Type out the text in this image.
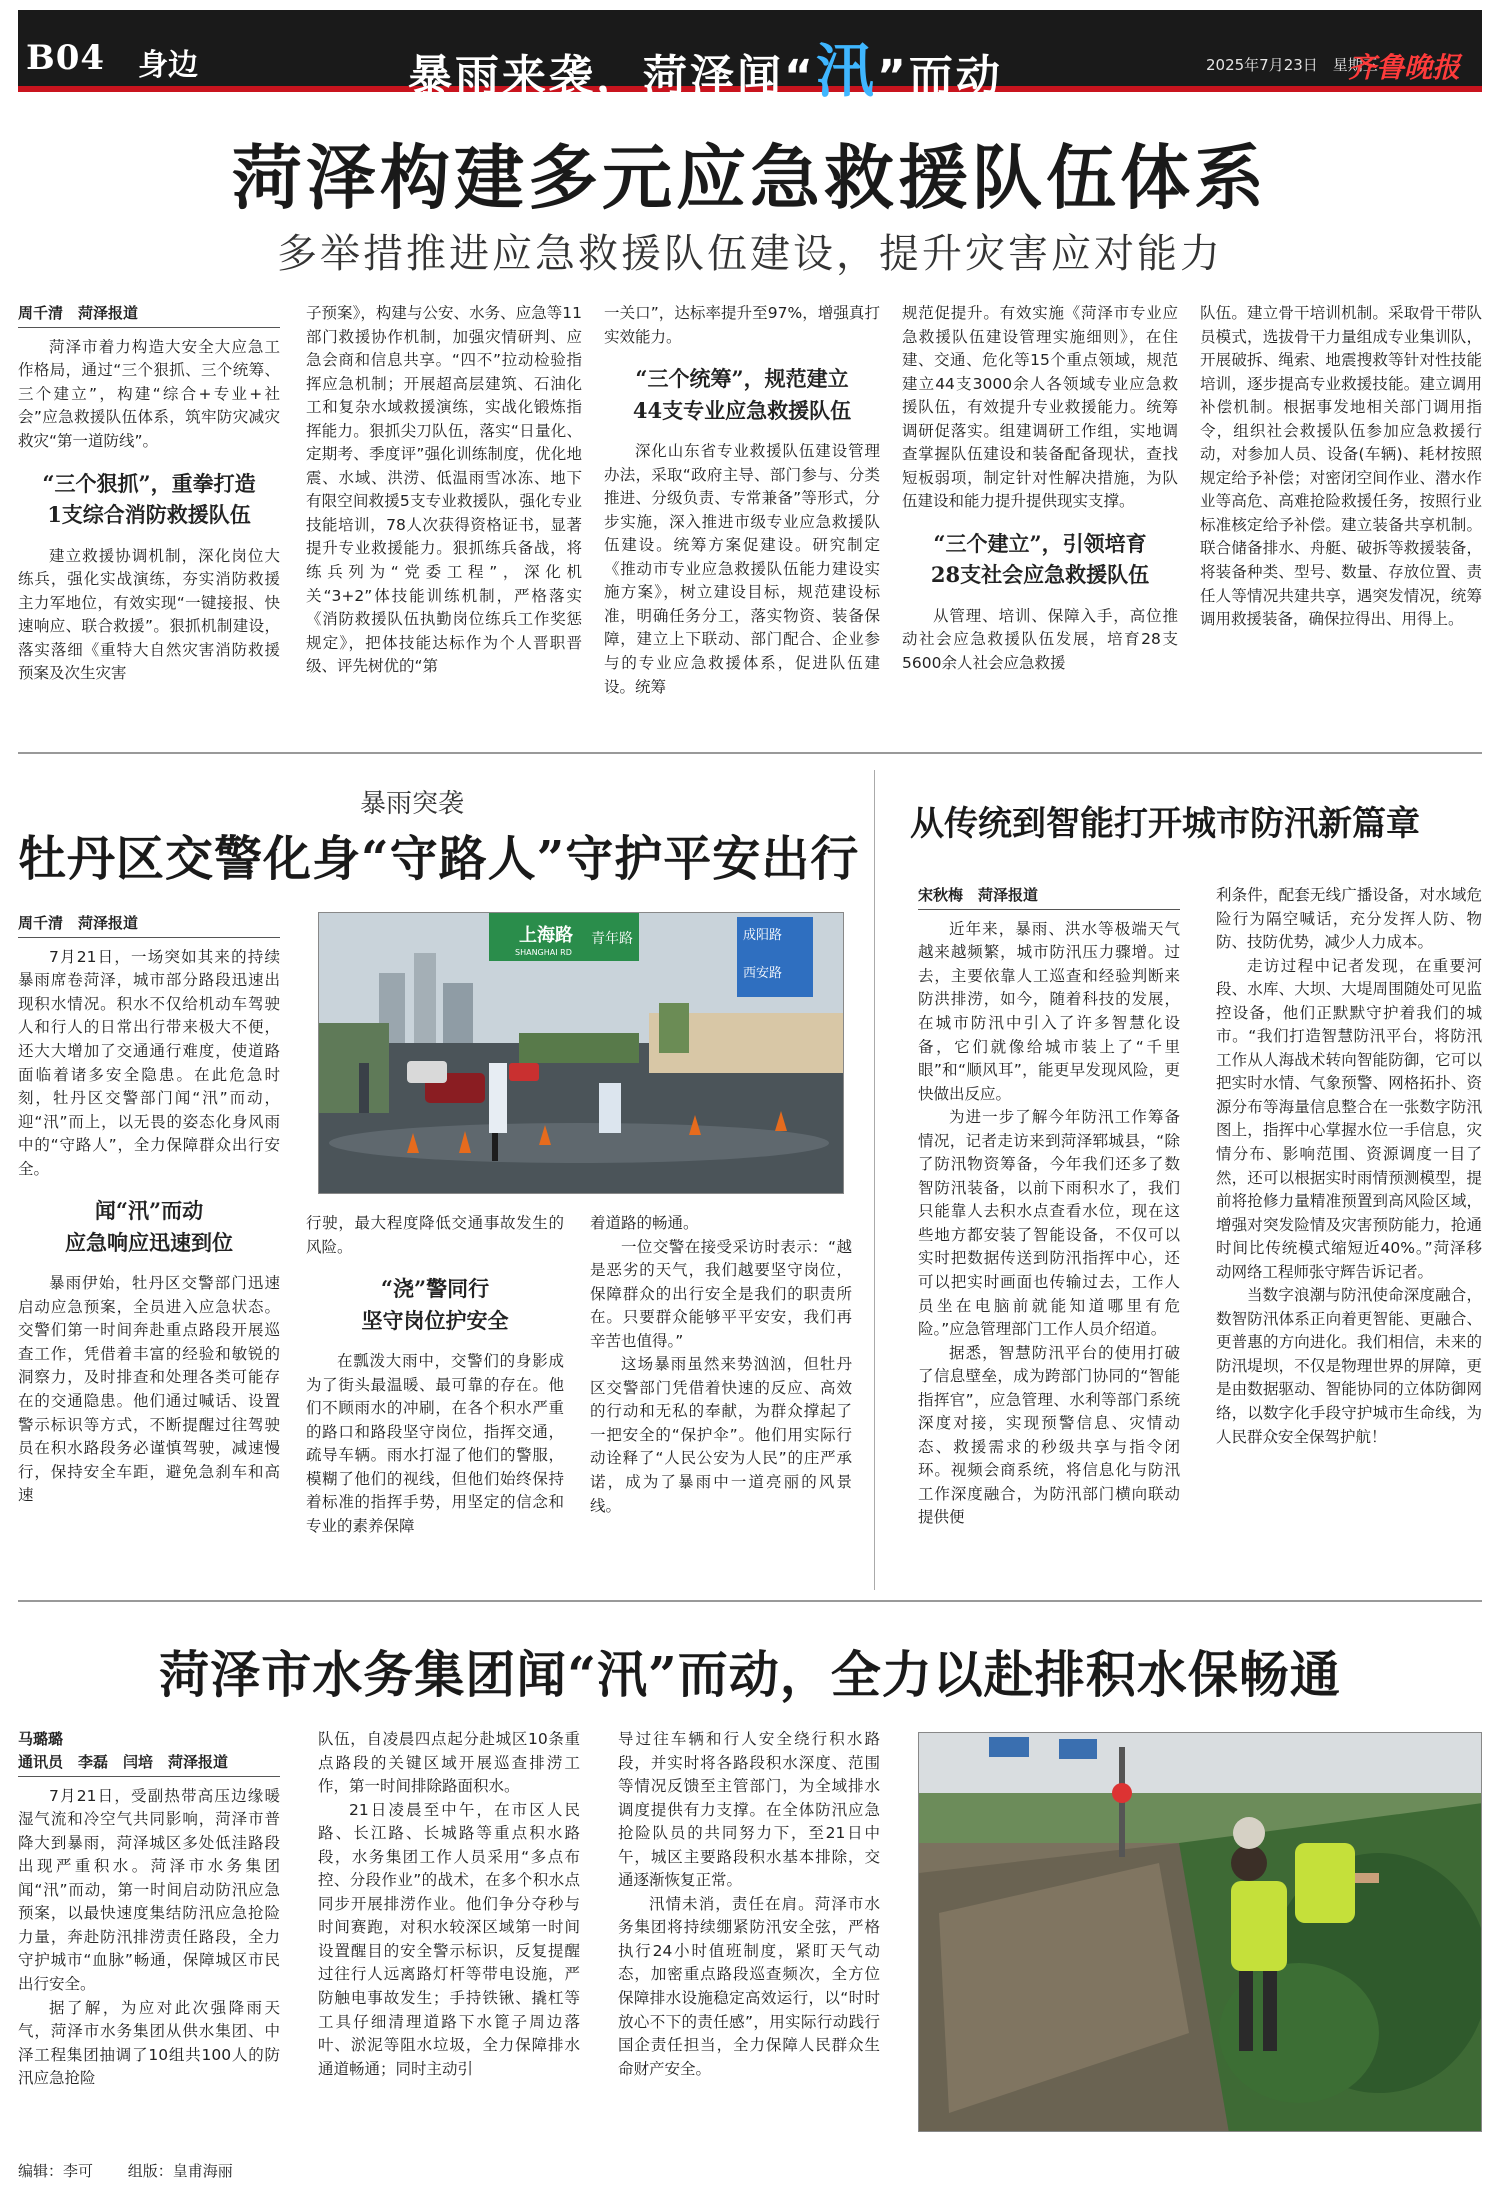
B04 身边	暴雨来袭，菏泽闻“汛”而动	2025年7月23日　星期三
齐鲁晚报
菏泽构建多元应急救援队伍体系
多举措推进应急救援队伍建设，提升灾害应对能力
周千清　菏泽报道

菏泽市着力构造大安全大应急工作格局，通过“三个狠抓、三个统筹、三个建立”，构建“综合+专业+社会”应急救援队伍体系，筑牢防灾减灾救灾“第一道防线”。

“三个狠抓”，重拳打造
1支综合消防救援队伍

建立救援协调机制，深化岗位大练兵，强化实战演练，夯实消防救援主力军地位，有效实现“一键接报、快速响应、联合救援”。狠抓机制建设，落实落细《重特大自然灾害消防救援预案及次生灾害

子预案》，构建与公安、水务、应急等11部门救援协作机制，加强灾情研判、应急会商和信息共享。“四不”拉动检验指挥应急机制；开展超高层建筑、石油化工和复杂水域救援演练，实战化锻炼指挥能力。狠抓尖刀队伍，落实“日量化、定期考、季度评”强化训练制度，优化地震、水域、洪涝、低温雨雪冰冻、地下有限空间救援5支专业救援队，强化专业技能培训，78人次获得资格证书，显著提升专业救援能力。狠抓练兵备战，将练兵列为“党委工程”，深化机关“3+2”体技能训练机制，严格落实《消防救援队伍执勤岗位练兵工作奖惩规定》，把体技能达标作为个人晋职晋级、评先树优的“第

一关口”，达标率提升至97%，增强真打实效能力。

“三个统筹”，规范建立
44支专业应急救援队伍

深化山东省专业救援队伍建设管理办法，采取“政府主导、部门参与、分类推进、分级负责、专常兼备”等形式，分步实施，深入推进市级专业应急救援队伍建设。统筹方案促建设。研究制定《推动市专业应急救援队伍能力建设实施方案》，树立建设目标，规范建设标准，明确任务分工，落实物资、装备保障，建立上下联动、部门配合、企业参与的专业应急救援体系，促进队伍建设。统筹

规范促提升。有效实施《菏泽市专业应急救援队伍建设管理实施细则》，在住建、交通、危化等15个重点领域，规范建立44支3000余人各领域专业应急救援队伍，有效提升专业救援能力。统筹调研促落实。组建调研工作组，实地调查掌握队伍建设和装备配备现状，查找短板弱项，制定针对性解决措施，为队伍建设和能力提升提供现实支撑。

“三个建立”，引领培育
28支社会应急救援队伍

从管理、培训、保障入手，高位推动社会应急救援队伍发展，培育28支5600余人社会应急救援

队伍。建立骨干培训机制。采取骨干带队员模式，选拔骨干力量组成专业集训队，开展破拆、绳索、地震搜救等针对性技能培训，逐步提高专业救援技能。建立调用补偿机制。根据事发地相关部门调用指令，组织社会救援队伍参加应急救援行动，对参加人员、设备(车辆)、耗材按照规定给予补偿；对密闭空间作业、潜水作业等高危、高难抢险救援任务，按照行业标准核定给予补偿。建立装备共享机制。联合储备排水、舟艇、破拆等救援装备，将装备种类、型号、数量、存放位置、责任人等情况共建共享，遇突发情况，统筹调用救援装备，确保拉得出、用得上。

暴雨突袭
牡丹区交警化身“守路人”守护平安出行
周千清　菏泽报道

7月21日，一场突如其来的持续暴雨席卷菏泽，城市部分路段迅速出现积水情况。积水不仅给机动车驾驶人和行人的日常出行带来极大不便，还大大增加了交通通行难度，使道路面临着诸多安全隐患。在此危急时刻，牡丹区交警部门闻“汛”而动，迎“汛”而上，以无畏的姿态化身风雨中的“守路人”，全力保障群众出行安全。

闻“汛”而动
应急响应迅速到位

暴雨伊始，牡丹区交警部门迅速启动应急预案，全员进入应急状态。交警们第一时间奔赴重点路段开展巡查工作，凭借着丰富的经验和敏锐的洞察力，及时排查和处理各类可能存在的交通隐患。他们通过喊话、设置警示标识等方式，不断提醒过往驾驶员在积水路段务必谨慎驾驶，减速慢行，保持安全车距，避免急刹车和高速

上海路
SHANGHAI RD
青年路	成阳路
西安路

行驶，最大程度降低交通事故发生的风险。

“浇”警同行
坚守岗位护安全

在瓢泼大雨中，交警们的身影成为了街头最温暖、最可靠的存在。他们不顾雨水的冲刷，在各个积水严重的路口和路段坚守岗位，指挥交通，疏导车辆。雨水打湿了他们的警服，模糊了他们的视线，但他们始终保持着标准的指挥手势，用坚定的信念和专业的素养保障

着道路的畅通。

一位交警在接受采访时表示：“越是恶劣的天气，我们越要坚守岗位，保障群众的出行安全是我们的职责所在。只要群众能够平平安安，我们再辛苦也值得。”

这场暴雨虽然来势汹汹，但牡丹区交警部门凭借着快速的反应、高效的行动和无私的奉献，为群众撑起了一把安全的“保护伞”。他们用实际行动诠释了“人民公安为人民”的庄严承诺，成为了暴雨中一道亮丽的风景线。

从传统到智能打开城市防汛新篇章
宋秋梅　菏泽报道

近年来，暴雨、洪水等极端天气越来越频繁，城市防汛压力骤增。过去，主要依靠人工巡查和经验判断来防洪排涝，如今，随着科技的发展，在城市防汛中引入了许多智慧化设备，它们就像给城市装上了“千里眼”和“顺风耳”，能更早发现风险，更快做出反应。

为进一步了解今年防汛工作筹备情况，记者走访来到菏泽郓城县，“除了防汛物资筹备，今年我们还多了数智防汛装备，以前下雨积水了，我们只能靠人去积水点查看水位，现在这些地方都安装了智能设备，不仅可以实时把数据传送到防汛指挥中心，还可以把实时画面也传输过去，工作人员坐在电脑前就能知道哪里有危险。”应急管理部门工作人员介绍道。

据悉，智慧防汛平台的使用打破了信息壁垒，成为跨部门协同的“智能指挥官”，应急管理、水利等部门系统深度对接，实现预警信息、灾情动态、救援需求的秒级共享与指令闭环。视频会商系统，将信息化与防汛工作深度融合，为防汛部门横向联动提供便

利条件，配套无线广播设备，对水域危险行为隔空喊话，充分发挥人防、物防、技防优势，减少人力成本。

走访过程中记者发现，在重要河段、水库、大坝、大堤周围随处可见监控设备，他们正默默守护着我们的城市。“我们打造智慧防汛平台，将防汛工作从人海战术转向智能防御，它可以把实时水情、气象预警、网格拓扑、资源分布等海量信息整合在一张数字防汛图上，指挥中心掌握水位一手信息，灾情分布、影响范围、资源调度一目了然，还可以根据实时雨情预测模型，提前将抢修力量精准预置到高风险区域，增强对突发险情及灾害预防能力，抢通时间比传统模式缩短近40%。”菏泽移动网络工程师张守辉告诉记者。

当数字浪潮与防汛使命深度融合，数智防汛体系正向着更智能、更融合、更普惠的方向进化。我们相信，未来的防汛堤坝，不仅是物理世界的屏障，更是由数据驱动、智能协同的立体防御网络，以数字化手段守护城市生命线，为人民群众安全保驾护航！

菏泽市水务集团闻“汛”而动，全力以赴排积水保畅通
马璐璐
通讯员　李磊　闫培　菏泽报道

7月21日，受副热带高压边缘暖湿气流和冷空气共同影响，菏泽市普降大到暴雨，菏泽城区多处低洼路段出现严重积水。菏泽市水务集团闻“汛”而动，第一时间启动防汛应急预案，以最快速度集结防汛应急抢险力量，奔赴防汛排涝责任路段，全力守护城市“血脉”畅通，保障城区市民出行安全。

据了解，为应对此次强降雨天气，菏泽市水务集团从供水集团、中泽工程集团抽调了10组共100人的防汛应急抢险

队伍，自凌晨四点起分赴城区10条重点路段的关键区域开展巡查排涝工作，第一时间排除路面积水。

21日凌晨至中午，在市区人民路、长江路、长城路等重点积水路段，水务集团工作人员采用“多点布控、分段作业”的战术，在多个积水点同步开展排涝作业。他们争分夺秒与时间赛跑，对积水较深区域第一时间设置醒目的安全警示标识，反复提醒过往行人远离路灯杆等带电设施，严防触电事故发生；手持铁锹、撬杠等工具仔细清理道路下水篦子周边落叶、淤泥等阻水垃圾，全力保障排水通道畅通；同时主动引

导过往车辆和行人安全绕行积水路段，并实时将各路段积水深度、范围等情况反馈至主管部门，为全域排水调度提供有力支撑。在全体防汛应急抢险队员的共同努力下，至21日中午，城区主要路段积水基本排除，交通逐渐恢复正常。

汛情未消，责任在肩。菏泽市水务集团将持续绷紧防汛安全弦，严格执行24小时值班制度，紧盯天气动态，加密重点路段巡查频次，全方位保障排水设施稳定高效运行，以“时时放心不下的责任感”，用实际行动践行国企责任担当，全力保障人民群众生命财产安全。

编辑：李可 组版：皇甫海丽
